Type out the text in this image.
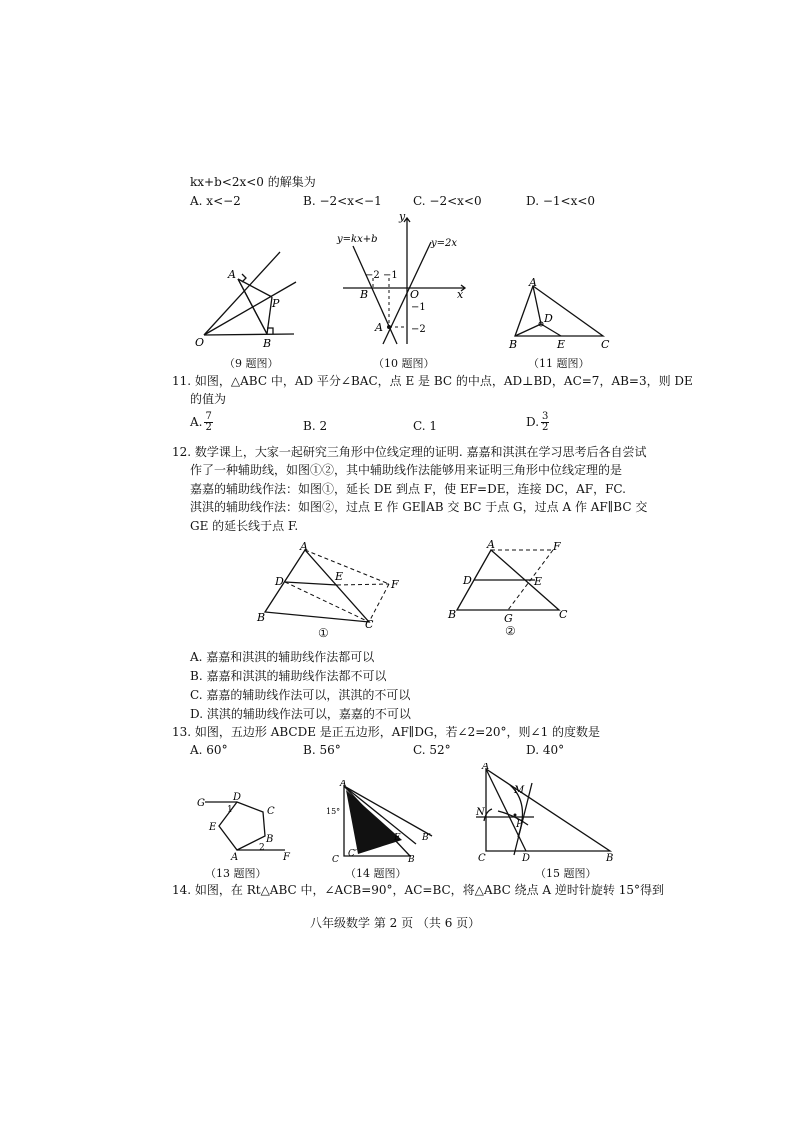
kx+b<2x<0 的解集为
A. x<−2	B. −2<x<−1	C. −2<x<0	D. −1<x<0
A
P
O	B
（9 题图）
y
y=kx+b	y=2x
−2 −1
B	O	x
−1
A	−2
（10 题图）
A
D
B	E	C
（11 题图）
11. 如图，△ABC 中，AD 平分∠BAC，点 E 是 BC 的中点，AD⊥BD，AC=7，AB=3，则 DE
的值为
A. $\frac{7}{2}$	B. 2	C. 1	D. $\frac{3}{2}$
12. 数学课上，大家一起研究三角形中位线定理的证明. 嘉嘉和淇淇在学习思考后各自尝试
作了一种辅助线，如图①②，其中辅助线作法能够用来证明三角形中位线定理的是
嘉嘉的辅助线作法：如图①，延长 DE 到点 F，使 EF=DE，连接 DC，AF，FC.
淇淇的辅助线作法：如图②，过点 E 作 GE∥AB 交 BC 于点 G，过点 A 作 AF∥BC 交
GE 的延长线于点 F.
A
D	E
F
B
C
①
A	F
D	E
B	G	C
②
A. 嘉嘉和淇淇的辅助线作法都可以
B. 嘉嘉和淇淇的辅助线作法都不可以
C. 嘉嘉的辅助线作法可以，淇淇的不可以
D. 淇淇的辅助线作法可以，嘉嘉的不可以
13. 如图，五边形 ABCDE 是正五边形，AF∥DG，若∠2=20°，则∠1 的度数是
A. 60°	B. 56°	C. 52°	D. 40°
G
D
C
1
E
B
2
A	F
（13 题图）
A
15°
E B′
C
C′
B
（14 题图）
A
M
N
P
C	D	B
（15 题图）
14. 如图，在 Rt△ABC 中，∠ACB=90°，AC=BC，将△ABC 绕点 A 逆时针旋转 15°得到
八年级数学 第 2 页 （共 6 页）
